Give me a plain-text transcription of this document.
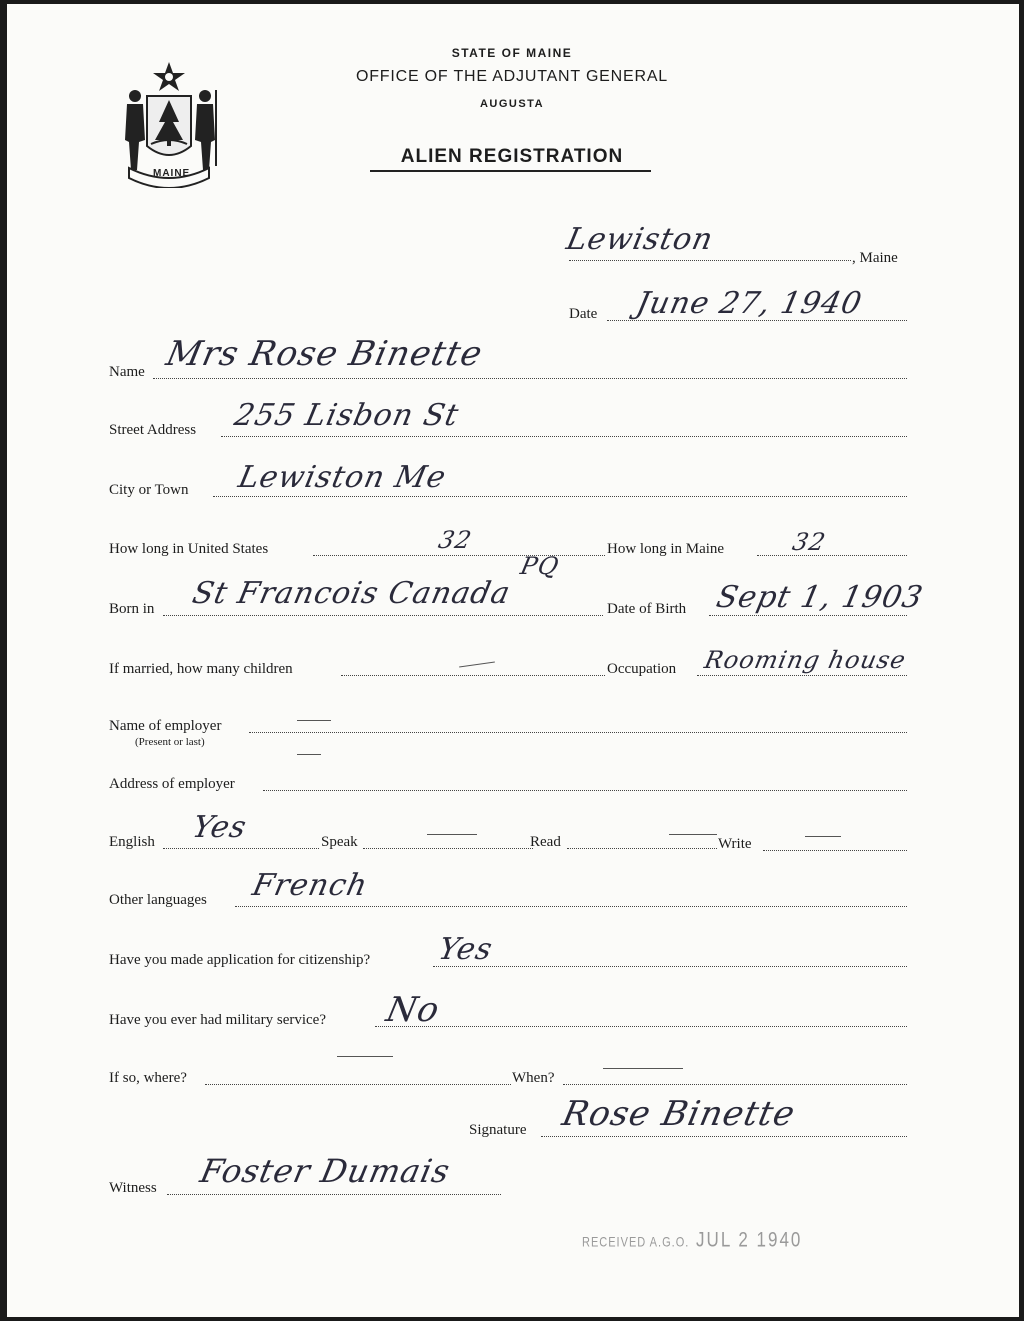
MAINE
STATE OF MAINE
OFFICE OF THE ADJUTANT GENERAL
AUGUSTA
ALIEN REGISTRATION
Lewiston
, Maine
Date June 27, 1940
Name Mrs Rose Binette
Street Address 255 Lisbon St
City or Town Lewiston Me
How long in United States	32	How long in Maine	32
Born in St Francois Canada
PQ
Date of Birth Sept 1, 1903
If married, how many children	Occupation Rooming house
Name of employer
(Present or last)
Address of employer
English Yes	Speak	Read	Write
Other languages French
Have you made application for citizenship? Yes
Have you ever had military service? No
If so, where?	When?
Signature Rose Binette
Witness Foster Dumais
RECEIVED A.G.O. JUL 2 1940
